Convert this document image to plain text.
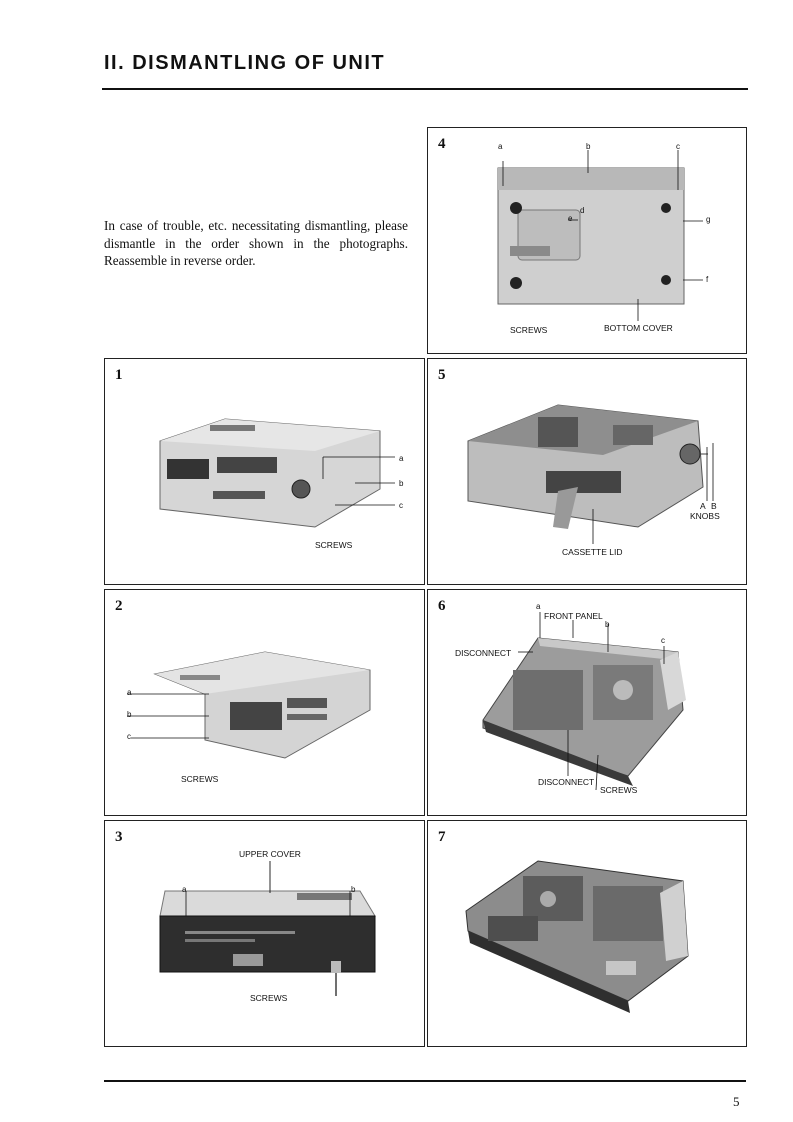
II. DISMANTLING OF UNIT

In case of trouble, etc. necessitating dismantling, please dismantle in the order shown in the photographs. Reassemble in reverse order.

4	a	b	c
d
e	g
f
SCREWS	BOTTOM COVER
1
a
b
c
SCREWS
5
A B
KNOBS
CASSETTE LID
2
a
b
c
SCREWS
6	a
FRONT PANEL
b
c
DISCONNECT
DISCONNECT
SCREWS
3
UPPER COVER
a	b
SCREWS
7
5
